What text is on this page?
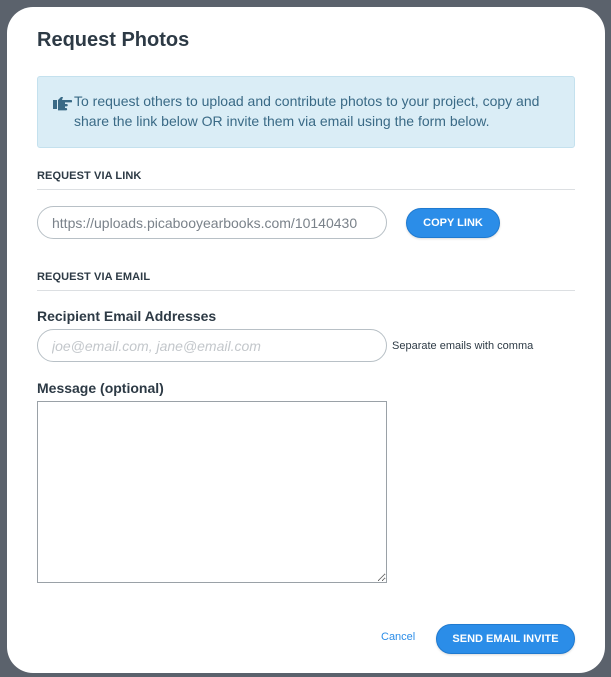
Request Photos
To request others to upload and contribute photos to your project, copy and share the link below OR invite them via email using the form below.
REQUEST VIA LINK
https://uploads.picabooyearbooks.com/10140430
COPY LINK
REQUEST VIA EMAIL
Recipient Email Addresses
joe@email.com, jane@email.com
Separate emails with comma
Message (optional)
Cancel	SEND EMAIL INVITE
